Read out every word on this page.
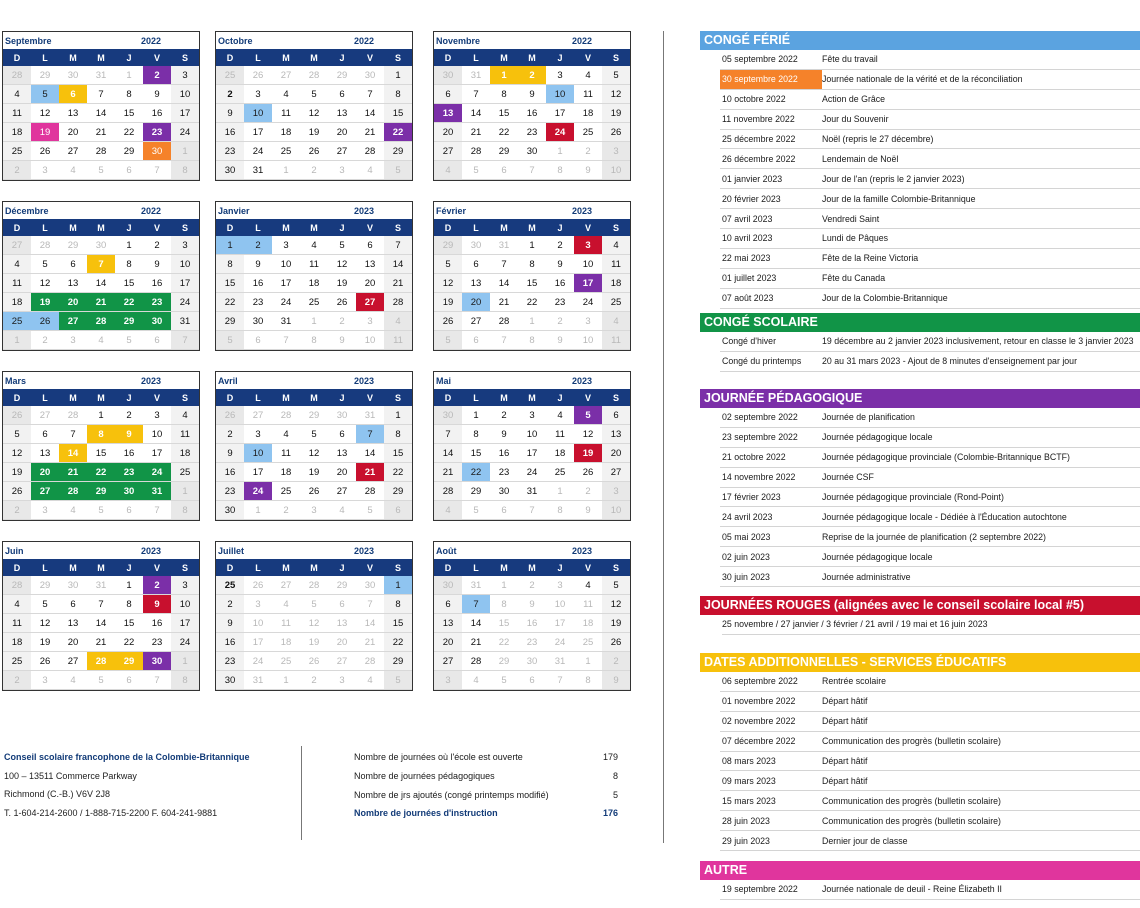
Septembre	2022
D	L	M	M	J	V	S
28	29	30	31	1	2	3
4	5	6	7	8	9	10
11	12	13	14	15	16	17
18	19	20	21	22	23	24
25	26	27	28	29	30	1
2	3	4	5	6	7	8
Octobre	2022
D	L	M	M	J	V	S
25	26	27	28	29	30	1
2	3	4	5	6	7	8
9	10	11	12	13	14	15
16	17	18	19	20	21	22
23	24	25	26	27	28	29
30	31	1	2	3	4	5
Novembre	2022
D	L	M	M	J	V	S
30	31	1	2	3	4	5
6	7	8	9	10	11	12
13	14	15	16	17	18	19
20	21	22	23	24	25	26
27	28	29	30	1	2	3
4	5	6	7	8	9	10
Décembre	2022
D	L	M	M	J	V	S
27	28	29	30	1	2	3
4	5	6	7	8	9	10
11	12	13	14	15	16	17
18	19	20	21	22	23	24
25	26	27	28	29	30	31
1	2	3	4	5	6	7
Janvier	2023
D	L	M	M	J	V	S
1	2	3	4	5	6	7
8	9	10	11	12	13	14
15	16	17	18	19	20	21
22	23	24	25	26	27	28
29	30	31	1	2	3	4
5	6	7	8	9	10	11
Février	2023
D	L	M	M	J	V	S
29	30	31	1	2	3	4
5	6	7	8	9	10	11
12	13	14	15	16	17	18
19	20	21	22	23	24	25
26	27	28	1	2	3	4
5	6	7	8	9	10	11
Mars	2023
D	L	M	M	J	V	S
26	27	28	1	2	3	4
5	6	7	8	9	10	11
12	13	14	15	16	17	18
19	20	21	22	23	24	25
26	27	28	29	30	31	1
2	3	4	5	6	7	8
Avril	2023
D	L	M	M	J	V	S
26	27	28	29	30	31	1
2	3	4	5	6	7	8
9	10	11	12	13	14	15
16	17	18	19	20	21	22
23	24	25	26	27	28	29
30	1	2	3	4	5	6
Mai	2023
D	L	M	M	J	V	S
30	1	2	3	4	5	6
7	8	9	10	11	12	13
14	15	16	17	18	19	20
21	22	23	24	25	26	27
28	29	30	31	1	2	3
4	5	6	7	8	9	10
Juin	2023
D	L	M	M	J	V	S
28	29	30	31	1	2	3
4	5	6	7	8	9	10
11	12	13	14	15	16	17
18	19	20	21	22	23	24
25	26	27	28	29	30	1
2	3	4	5	6	7	8
Juillet	2023
D	L	M	M	J	V	S
25	26	27	28	29	30	1
2	3	4	5	6	7	8
9	10	11	12	13	14	15
16	17	18	19	20	21	22
23	24	25	26	27	28	29
30	31	1	2	3	4	5
Août	2023
D	L	M	M	J	V	S
30	31	1	2	3	4	5
6	7	8	9	10	11	12
13	14	15	16	17	18	19
20	21	22	23	24	25	26
27	28	29	30	31	1	2
3	4	5	6	7	8	9
Conseil scolaire francophone de la Colombie-Britannique
100 – 13511 Commerce Parkway
Richmond (C.-B.) V6V 2J8
T. 1-604-214-2600 / 1-888-715-2200 F. 604-241-9881
Nombre de journées où l'école est ouverte	179
Nombre de journées pédagogiques	8
Nombre de jrs ajoutés (congé printemps modifié)	5
Nombre de journées d'instruction	176
CONGÉ FÉRIÉ
05 septembre 2022	Fête du travail
30 septembre 2022	Journée nationale de la vérité et de la réconciliation
10 octobre 2022	Action de Grâce
11 novembre 2022	Jour du Souvenir
25 décembre 2022	Noël (repris le 27 décembre)
26 décembre 2022	Lendemain de Noël
01 janvier 2023	Jour de l'an (repris le 2 janvier 2023)
20 février 2023	Jour de la famille Colombie-Britannique
07 avril 2023	Vendredi Saint
10 avril 2023	Lundi de Pâques
22 mai 2023	Fête de la Reine Victoria
01 juillet 2023	Fête du Canada
07 août 2023	Jour de la Colombie-Britannique
CONGÉ SCOLAIRE
Congé d'hiver	19 décembre au 2 janvier 2023 inclusivement, retour en classe le 3 janvier 2023
Congé du printemps	20 au 31 mars 2023 - Ajout de 8 minutes d'enseignement par jour
JOURNÉE PÉDAGOGIQUE
02 septembre 2022	Journée de planification
23 septembre 2022	Journée pédagogique locale
21 octobre 2022	Journée pédagogique provinciale (Colombie-Britannique BCTF)
14 novembre 2022	Journée CSF
17 février 2023	Journée pédagogique provinciale (Rond-Point)
24 avril 2023	Journée pédagogique locale - Dédiée à l'Éducation autochtone
05 mai 2023	Reprise de la journée de planification (2 septembre 2022)
02 juin 2023	Journée pédagogique locale
30 juin 2023	Journée administrative
JOURNÉES ROUGES (alignées avec le conseil scolaire local #5)
25 novembre / 27 janvier / 3 février / 21 avril / 19 mai et 16 juin 2023
DATES ADDITIONNELLES - SERVICES ÉDUCATIFS
06 septembre 2022	Rentrée scolaire
01 novembre 2022	Départ hâtif
02 novembre 2022	Départ hâtif
07 décembre 2022	Communication des progrès (bulletin scolaire)
08 mars 2023	Départ hâtif
09 mars 2023	Départ hâtif
15 mars 2023	Communication des progrès (bulletin scolaire)
28 juin 2023	Communication des progrès (bulletin scolaire)
29 juin 2023	Dernier jour de classe
AUTRE
19 septembre 2022	Journée nationale de deuil - Reine Élizabeth II
